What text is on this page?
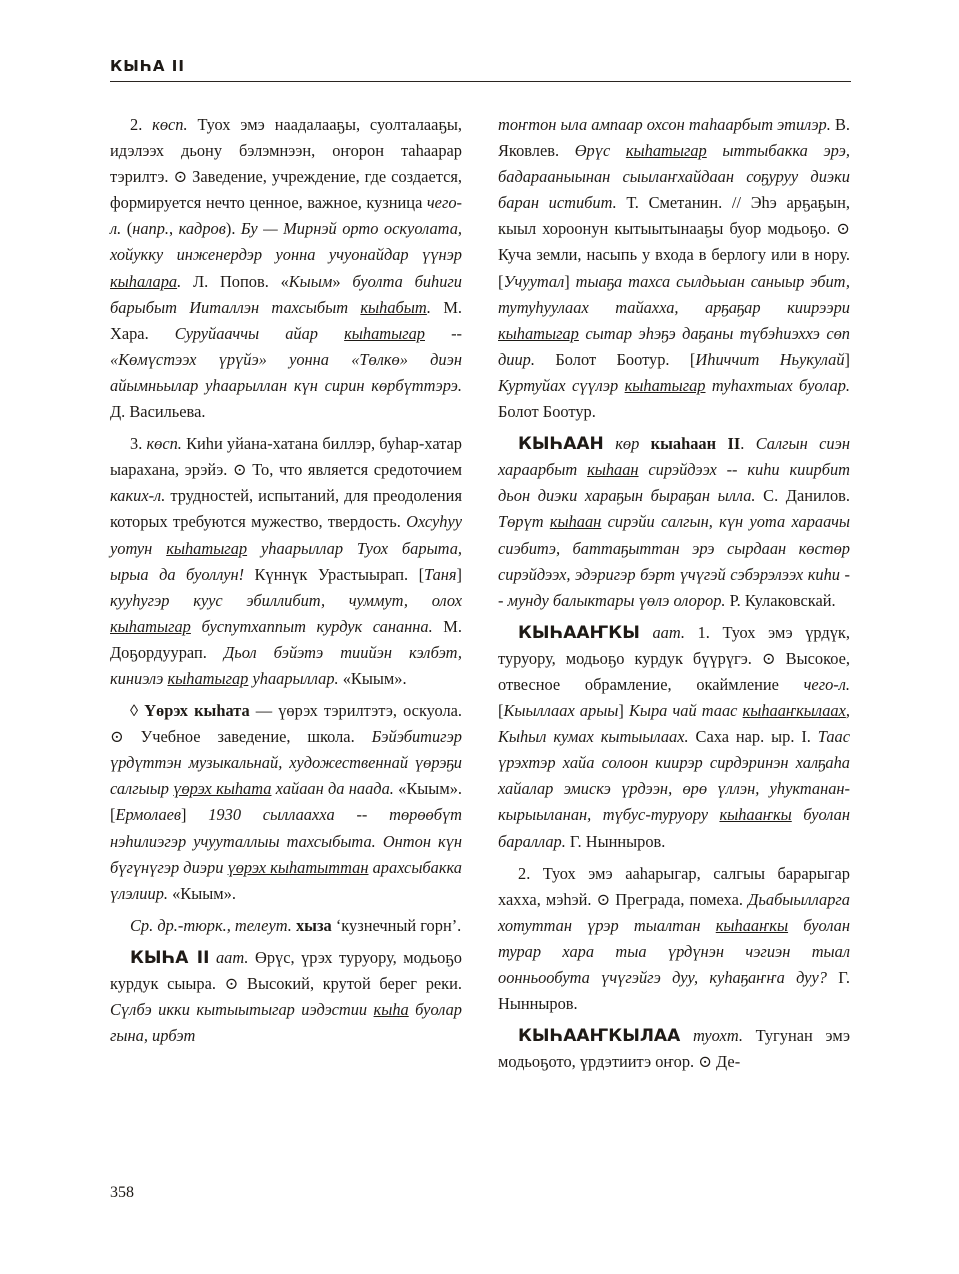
КЫҺА II

2. көсп. Туох эмэ наадалааҕы, суолталааҕы, идэлээх дьону бэлэмнээн, оҥорон таһаарар тэрилтэ. ⊙ Заведение, учреждение, где создается, формируется нечто ценное, важное, кузница чего-л. (напр., кадров). Бу — Мирнэй орто оскуолата, хойукку инженердэр уонна учуонайдар үүнэр кыһалара. Л. Попов. «Кыым» буолта биһиги барыбыт Ииталлэн тахсыбыт кыһабыт. М. Хара. Суруйааччы айар кыһатыгар -- «Көмүстээх үрүйэ» уонна «Төлкө» диэн айымньылар уһаарыллан күн сирин көрбүттэрэ. Д. Васильева.

3. көсп. Киһи уйана-хатана биллэр, буһар-хатар ыарахана, эрэйэ. ⊙ То, что является средоточием каких-л. трудностей, испытаний, для преодоления которых требуются мужество, твердость. Охсуһуу уотун кыһатыгар уһаарыллар Туох барыта, ырыа да буоллун! Күннүк Урастыырап. [Таня] кууһугэр куус эбиллибит, чуммут, олох кыһатыгар буспутхаппыт курдук сананна. М. Доҕордуурап. Дьол бэйэтэ тиийэн кэлбэт, киниэлэ кыһатыгар уһаарыллар. «Кыым».

◊ Үөрэх кыһата — үөрэх тэрилтэтэ, оскуола. ⊙ Учебное заведение, школа. Бэйэбитигэр үрдүттэн музыкальнай, художественнай үөрэҕи салгыыр үөрэх кыһата хайаан да наада. «Кыым». [Ермолаев] 1930 сыллааххa -- төрөөбүт нэһилиэгэр учууталлыы тахсыбыта. Онтон күн бүгүнүгэр диэри үөрэх кыһатыттан арахсыбакка үлэлиир. «Кыым».

Ср. др.-тюрк., телеут. хыза ‘кузнечный горн’.

КЫҺА II аат. Өрүс, үрэх туруору, модьоҕо курдук сыыра. ⊙ Высокий, крутой берег реки. Сүлбэ икки кытыытыгар иэдэстии кыһа буолар гына, ирбэт

тоҥтон ыла ампаар охсон таһаарбыт этилэр. В. Яковлев. Өрүс кыһатыгар ыттыбакка эрэ, бадарааныынан сыылаҥхайдаан соҕуруу диэки баран истибит. Т. Сметанин. // Эһэ арҕаҕын, кыыл хороонун кытыытынааҕы буор модьоҕо. ⊙ Куча земли, насыпь у входа в берлогу или в нору. [Учуутал] тыаҕа тахса сылдьыан саныыр эбит, тутуһуулаах тайахха, арҕаҕар киирээри кыһатыгар сытар эһэҕэ даҕаны түбэһиэххэ сөп диир. Болот Боотур. [Иһиччит Ньукулай] Куртуйах сүүлэр кыһатыгар туһахтыах буолар. Болот Боотур.

КЫҺААН көр кыаһаан II. Салгын сиэн хараарбыт кыһаан сирэйдээх -- киһи киирбит дьон диэки хараҕын быраҕан ылла. С. Данилов. Төрүт кыһаан сирэйи салгын, күн уота хараачы сиэбитэ, баттаҕыттан эрэ сырдаан көстөр сирэйдээх, эдэригэр бэрт үчүгэй сэбэрэлээх киһи -- мунду балыктары үөлэ олорор. Р. Кулаковскай.

КЫҺААҤКЫ аат. 1. Туох эмэ үрдүк, туруору, модьоҕо курдук бүүрүгэ. ⊙ Высокое, отвесное обрамление, окаймление чего-л. [Кыыллаах арыы] Кыра чай таас кыһааҥкылаах, Кыһыл кумах кытыылаах. Саха нар. ыр. I. Таас үрэхтэр хайа солоон киирэр сирдэринэн халҕаһа хайалар эмискэ үрдээн, өрө үллэн, уһуктанан-кырыыланан, түбус-туруору кыһааҥкы буолан бараллар. Г. Нынныров.

2. Туох эмэ ааһарыгар, салгыы барарыгар хахха, мэһэй. ⊙ Преграда, помеха. Дьабыылларга хотуттан үрэр тыалтан кыһааҥкы буолан турар хара тыа үрдүнэн чэгиэн тыал оонньообута үчүгэйгэ дуу, куһаҕаҥҥа дуу? Г. Нынныров.

КЫҺААҤКЫЛАА туохт. Тугунан эмэ модьоҕото, үрдэтиитэ оҥор. ⊙ Де-

358
